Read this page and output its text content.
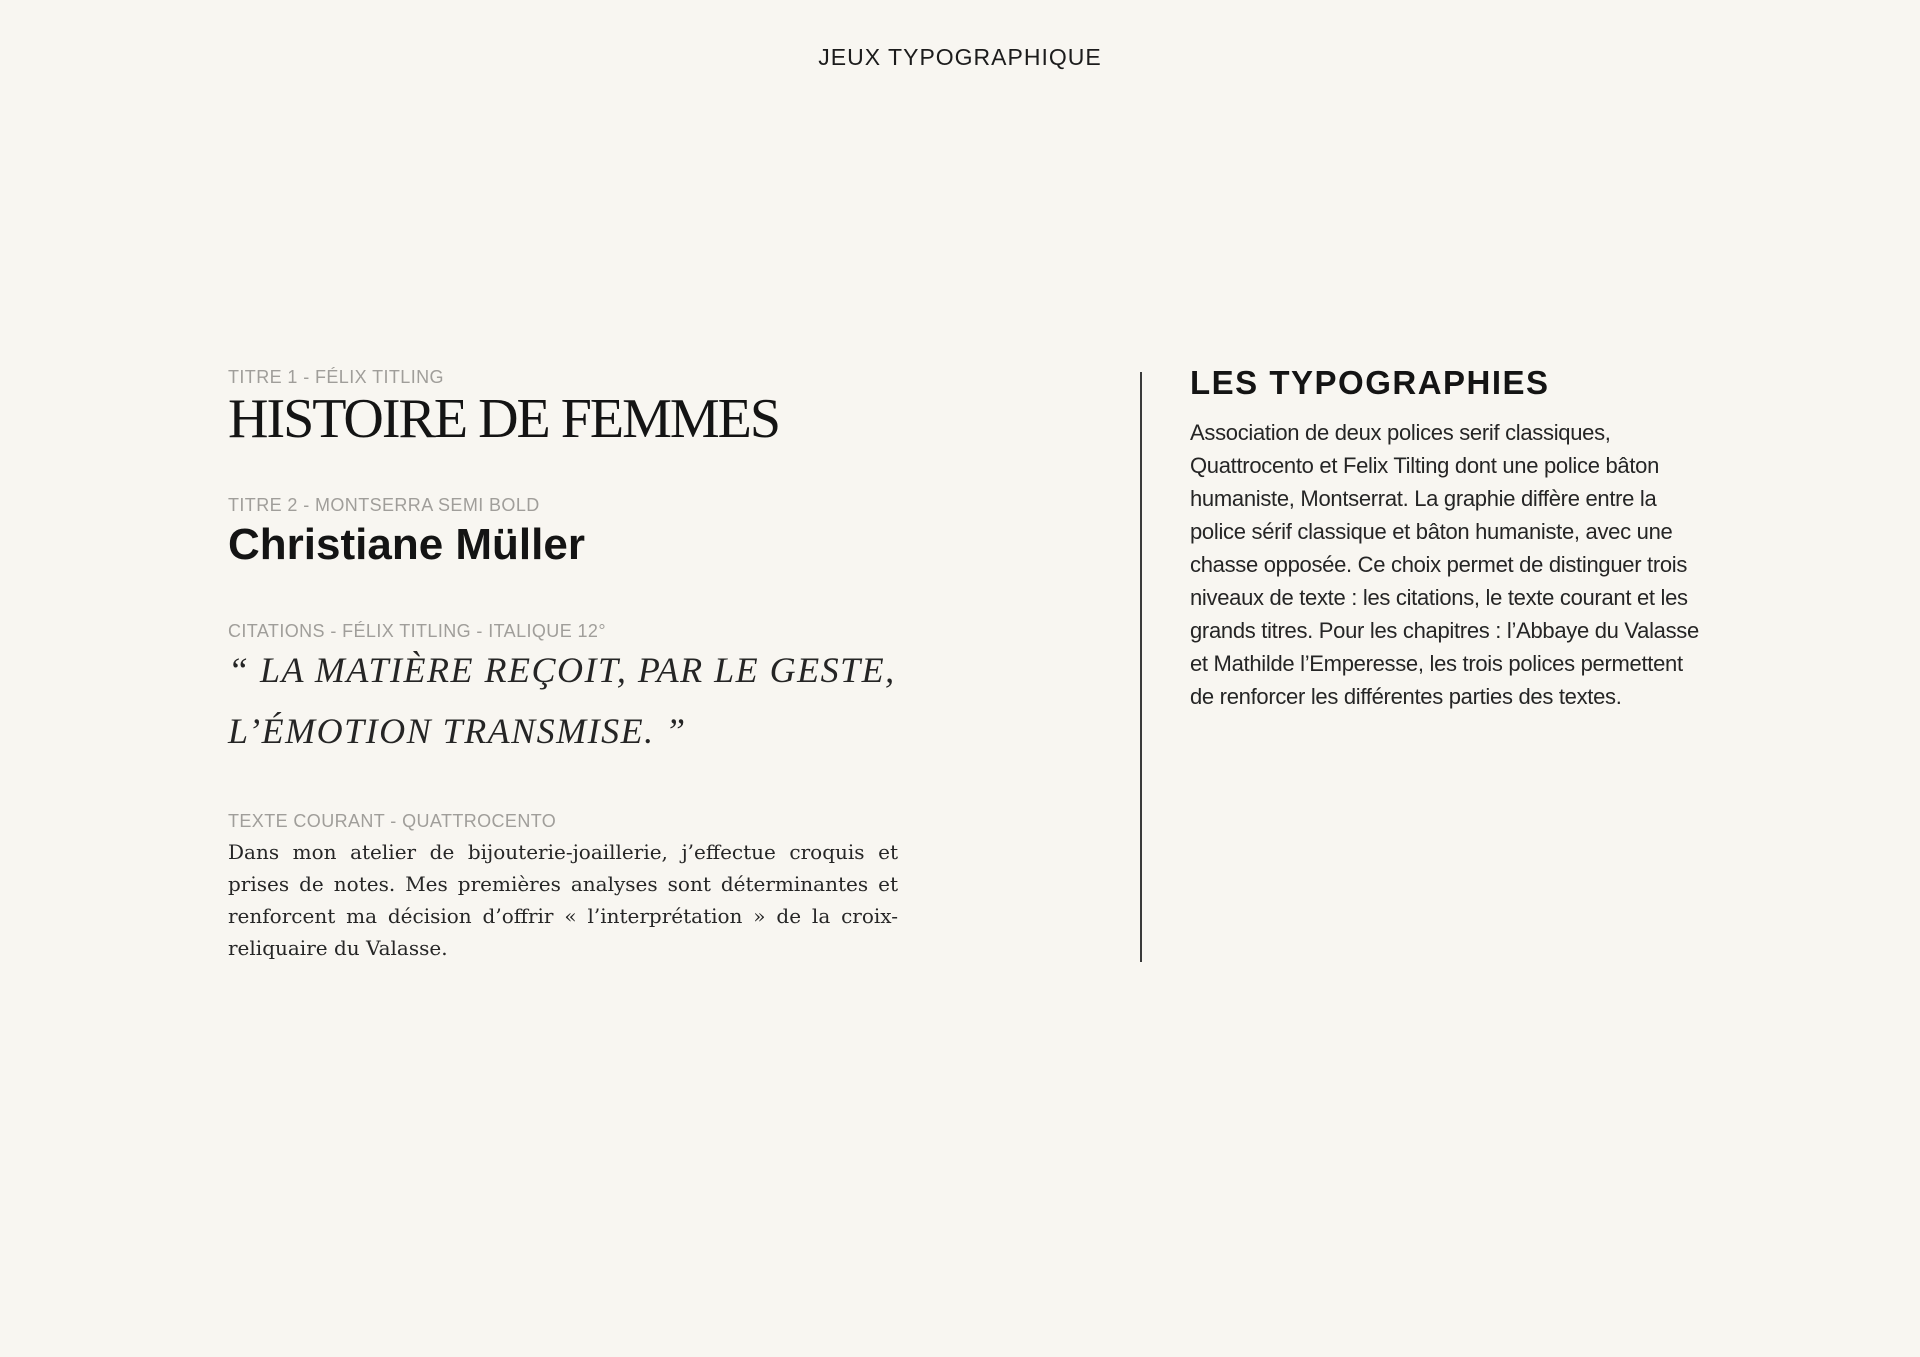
JEUX TYPOGRAPHIQUE

TITRE 1 - FÉLIX TITLING

HISTOIRE DE FEMMES

TITRE 2 - MONTSERRA SEMI BOLD

Christiane Müller

CITATIONS - FÉLIX TITLING - ITALIQUE 12°

“ LA MATIÈRE REÇOIT, PAR LE GESTE, L’ÉMOTION TRANSMISE. ”

TEXTE COURANT - QUATTROCENTO

Dans mon atelier de bijouterie-joaillerie, j’effectue croquis et prises de notes. Mes premières analyses sont déterminantes et renforcent ma décision d’offrir « l’interprétation » de la croix-reliquaire du Valasse.

LES TYPOGRAPHIES

Association de deux polices serif classiques, Quattrocento et Felix Tilting dont une police bâton humaniste, Montserrat. La graphie diffère entre la police sérif classique et bâton humaniste, avec une chasse opposée. Ce choix permet de distinguer trois niveaux de texte : les citations, le texte courant et les grands titres. Pour les chapitres : l’Abbaye du Valasse et Mathilde l’Emperesse, les trois polices permettent de renforcer les différentes parties des textes.
